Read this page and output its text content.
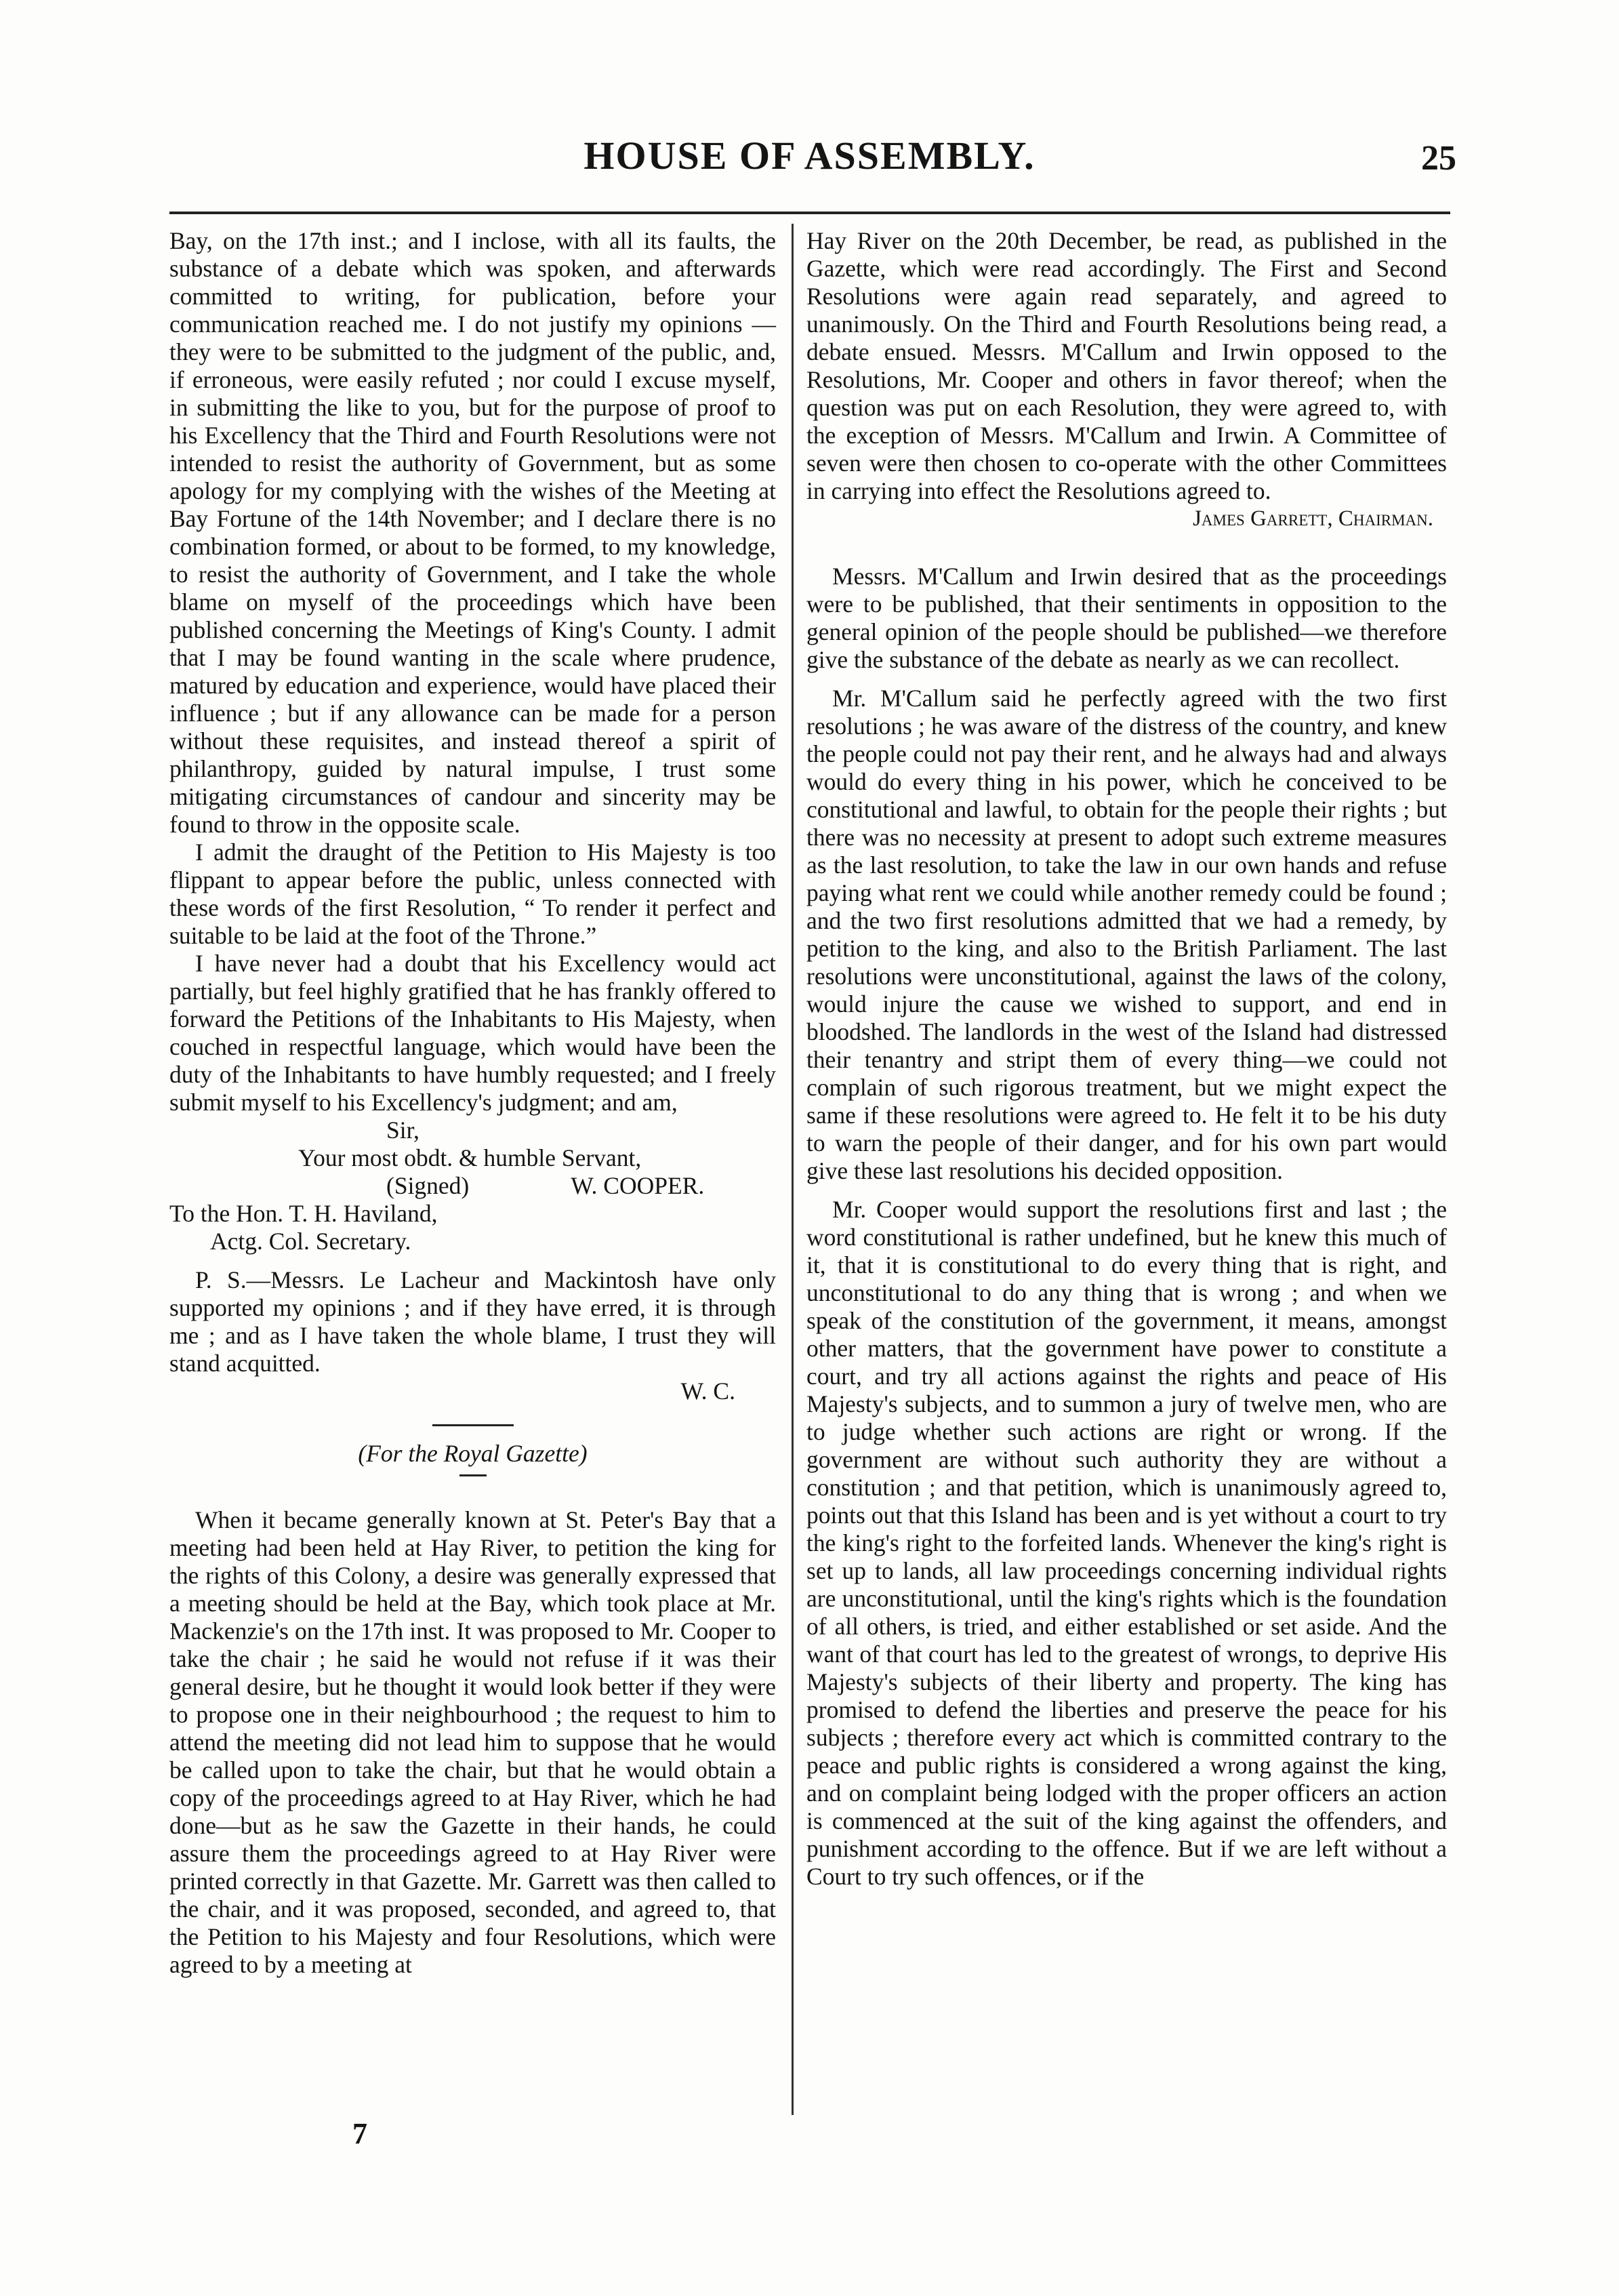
HOUSE OF ASSEMBLY.	25

Bay, on the 17th inst.; and I inclose, with all its faults, the substance of a debate which was spoken, and afterwards committed to writing, for publication, before your communication reached me. I do not justify my opinions —they were to be submitted to the judgment of the public, and, if erroneous, were easily refuted ; nor could I excuse myself, in submitting the like to you, but for the purpose of proof to his Excellency that the Third and Fourth Resolutions were not intended to resist the authority of Government, but as some apology for my complying with the wishes of the Meeting at Bay Fortune of the 14th November; and I declare there is no combination formed, or about to be formed, to my knowledge, to resist the authority of Government, and I take the whole blame on myself of the proceedings which have been published concerning the Meetings of King's County. I admit that I may be found wanting in the scale where prudence, matured by education and experience, would have placed their influence ; but if any allowance can be made for a person without these requisites, and instead thereof a spirit of philanthropy, guided by natural impulse, I trust some mitigating circumstances of candour and sincerity may be found to throw in the opposite scale.

I admit the draught of the Petition to His Majesty is too flippant to appear before the public, unless connected with these words of the first Resolution, “ To render it perfect and suitable to be laid at the foot of the Throne.”

I have never had a doubt that his Excellency would act partially, but feel highly gratified that he has frankly offered to forward the Petitions of the Inhabitants to His Majesty, when couched in respectful language, which would have been the duty of the Inhabitants to have humbly requested; and I freely submit myself to his Excellency's judgment; and am,

Sir,

Your most obdt. & humble Servant,

(Signed)	W. COOPER.

To the Hon. T. H. Haviland,

Actg. Col. Secretary.

P. S.—Messrs. Le Lacheur and Mackintosh have only supported my opinions ; and if they have erred, it is through me ; and as I have taken the whole blame, I trust they will stand acquitted.

W. C.

(For the Royal Gazette)

When it became generally known at St. Peter's Bay that a meeting had been held at Hay River, to petition the king for the rights of this Colony, a desire was generally expressed that a meeting should be held at the Bay, which took place at Mr. Mackenzie's on the 17th inst. It was proposed to Mr. Cooper to take the chair ; he said he would not refuse if it was their general desire, but he thought it would look better if they were to propose one in their neighbourhood ; the request to him to attend the meeting did not lead him to suppose that he would be called upon to take the chair, but that he would obtain a copy of the proceedings agreed to at Hay River, which he had done—but as he saw the Gazette in their hands, he could assure them the proceedings agreed to at Hay River were printed correctly in that Gazette. Mr. Garrett was then called to the chair, and it was proposed, seconded, and agreed to, that the Petition to his Majesty and four Resolutions, which were agreed to by a meeting at

Hay River on the 20th December, be read, as published in the Gazette, which were read accordingly. The First and Second Resolutions were again read separately, and agreed to unanimously. On the Third and Fourth Resolutions being read, a debate ensued. Messrs. M'Callum and Irwin opposed to the Resolutions, Mr. Cooper and others in favor thereof; when the question was put on each Resolution, they were agreed to, with the exception of Messrs. M'Callum and Irwin. A Committee of seven were then chosen to co-operate with the other Committees in carrying into effect the Resolutions agreed to.

James Garrett, Chairman.

Messrs. M'Callum and Irwin desired that as the proceedings were to be published, that their sentiments in opposition to the general opinion of the people should be published—we therefore give the substance of the debate as nearly as we can recollect.

Mr. M'Callum said he perfectly agreed with the two first resolutions ; he was aware of the distress of the country, and knew the people could not pay their rent, and he always had and always would do every thing in his power, which he conceived to be constitutional and lawful, to obtain for the people their rights ; but there was no necessity at present to adopt such extreme measures as the last resolution, to take the law in our own hands and refuse paying what rent we could while another remedy could be found ; and the two first resolutions admitted that we had a remedy, by petition to the king, and also to the British Parliament. The last resolutions were unconstitutional, against the laws of the colony, would injure the cause we wished to support, and end in bloodshed. The landlords in the west of the Island had distressed their tenantry and stript them of every thing—we could not complain of such rigorous treatment, but we might expect the same if these resolutions were agreed to. He felt it to be his duty to warn the people of their danger, and for his own part would give these last resolutions his decided opposition.

Mr. Cooper would support the resolutions first and last ; the word constitutional is rather undefined, but he knew this much of it, that it is constitutional to do every thing that is right, and unconstitutional to do any thing that is wrong ; and when we speak of the constitution of the government, it means, amongst other matters, that the government have power to constitute a court, and try all actions against the rights and peace of His Majesty's subjects, and to summon a jury of twelve men, who are to judge whether such actions are right or wrong. If the government are without such authority they are without a constitution ; and that petition, which is unanimously agreed to, points out that this Island has been and is yet without a court to try the king's right to the forfeited lands. Whenever the king's right is set up to lands, all law proceedings concerning individual rights are unconstitutional, until the king's rights which is the foundation of all others, is tried, and either established or set aside. And the want of that court has led to the greatest of wrongs, to deprive His Majesty's subjects of their liberty and property. The king has promised to defend the liberties and preserve the peace for his subjects ; therefore every act which is committed contrary to the peace and public rights is considered a wrong against the king, and on complaint being lodged with the proper officers an action is commenced at the suit of the king against the offenders, and punishment according to the offence. But if we are left without a Court to try such offences, or if the

7
